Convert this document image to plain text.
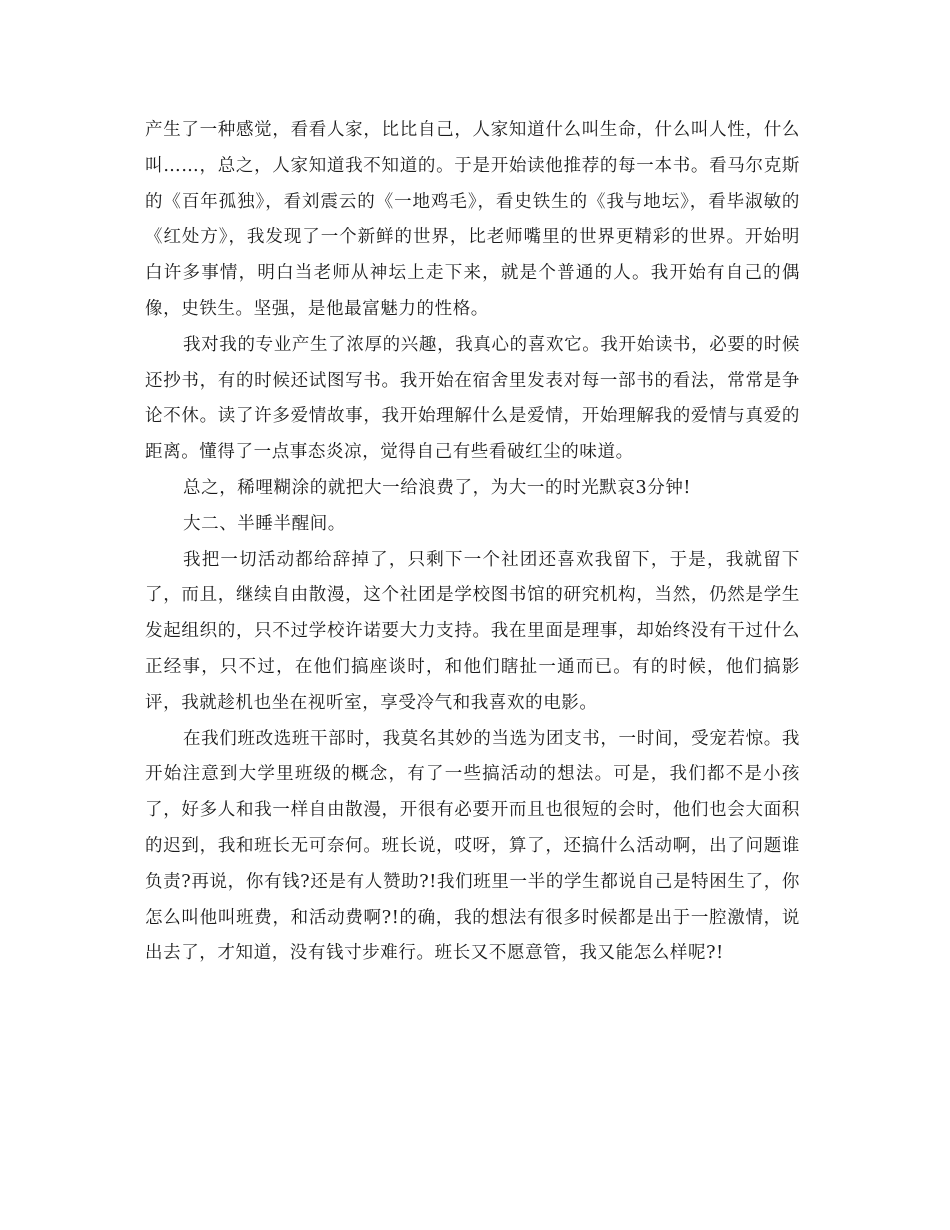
产生了一种感觉，看看人家，比比自己，人家知道什么叫生命，什么叫人性，什么叫……，总之，人家知道我不知道的。于是开始读他推荐的每一本书。看马尔克斯的《百年孤独》，看刘震云的《一地鸡毛》，看史铁生的《我与地坛》，看毕淑敏的《红处方》，我发现了一个新鲜的世界，比老师嘴里的世界更精彩的世界。开始明白许多事情，明白当老师从神坛上走下来，就是个普通的人。我开始有自己的偶像，史铁生。坚强，是他最富魅力的性格。

我对我的专业产生了浓厚的兴趣，我真心的喜欢它。我开始读书，必要的时候还抄书，有的时候还试图写书。我开始在宿舍里发表对每一部书的看法，常常是争论不休。读了许多爱情故事，我开始理解什么是爱情，开始理解我的爱情与真爱的距离。懂得了一点事态炎凉，觉得自己有些看破红尘的味道。

总之，稀哩糊涂的就把大一给浪费了，为大一的时光默哀3分钟!

大二、半睡半醒间。

我把一切活动都给辞掉了，只剩下一个社团还喜欢我留下，于是，我就留下了，而且，继续自由散漫，这个社团是学校图书馆的研究机构，当然，仍然是学生发起组织的，只不过学校许诺要大力支持。我在里面是理事，却始终没有干过什么正经事，只不过，在他们搞座谈时，和他们瞎扯一通而已。有的时候，他们搞影评，我就趁机也坐在视听室，享受冷气和我喜欢的电影。

在我们班改选班干部时，我莫名其妙的当选为团支书，一时间，受宠若惊。我开始注意到大学里班级的概念，有了一些搞活动的想法。可是，我们都不是小孩了，好多人和我一样自由散漫，开很有必要开而且也很短的会时，他们也会大面积的迟到，我和班长无可奈何。班长说，哎呀，算了，还搞什么活动啊，出了问题谁负责?再说，你有钱?还是有人赞助?!我们班里一半的学生都说自己是特困生了，你怎么叫他叫班费，和活动费啊?!的确，我的想法有很多时候都是出于一腔激情，说出去了，才知道，没有钱寸步难行。班长又不愿意管，我又能怎么样呢?!
